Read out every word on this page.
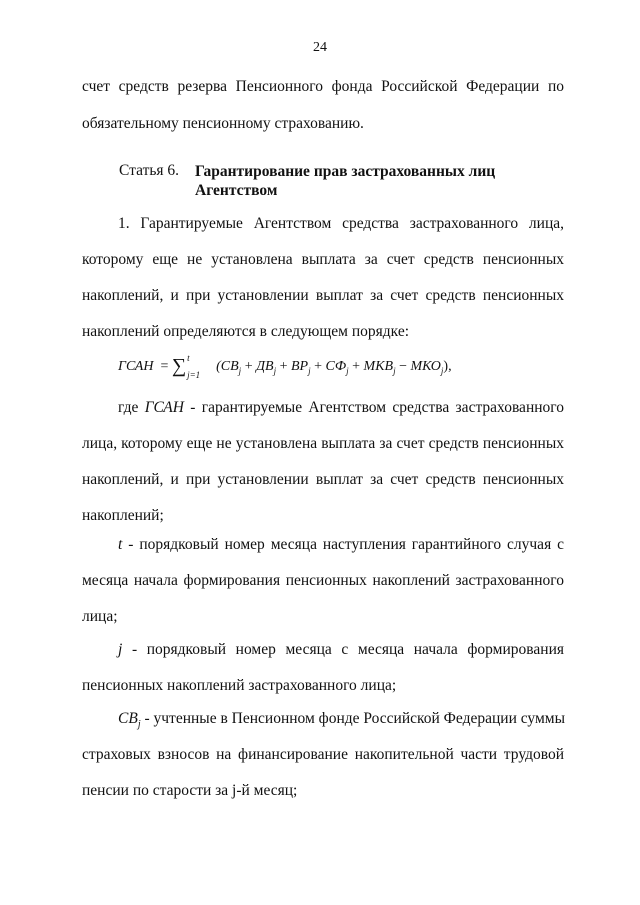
24
счет средств резерва Пенсионного фонда Российской Федерации по
обязательному пенсионному страхованию.
Статья 6. Гарантирование прав застрахованных лиц
Агентством
1. Гарантируемые Агентством средства застрахованного лица,
которому еще не установлена выплата за счет средств пенсионных
накоплений, и при установлении выплат за счет средств пенсионных
накоплений определяются в следующем порядке:
ГСАН = ∑ t
j=1
$(СВ_j + ДВ_j + ВР_j + СФ_j + МКВ_j - МКО_j)$,
где ГСАН - гарантируемые Агентством средства застрахованного
лица, которому еще не установлена выплата за счет средств пенсионных
накоплений, и при установлении выплат за счет средств пенсионных
накоплений;
t - порядковый номер месяца наступления гарантийного случая с
месяца начала формирования пенсионных накоплений застрахованного
лица;
j - порядковый номер месяца с месяца начала формирования
пенсионных накоплений застрахованного лица;
$СВ_j$ - учтенные в Пенсионном фонде Российской Федерации суммы
страховых взносов на финансирование накопительной части трудовой
пенсии по старости за j-й месяц;
